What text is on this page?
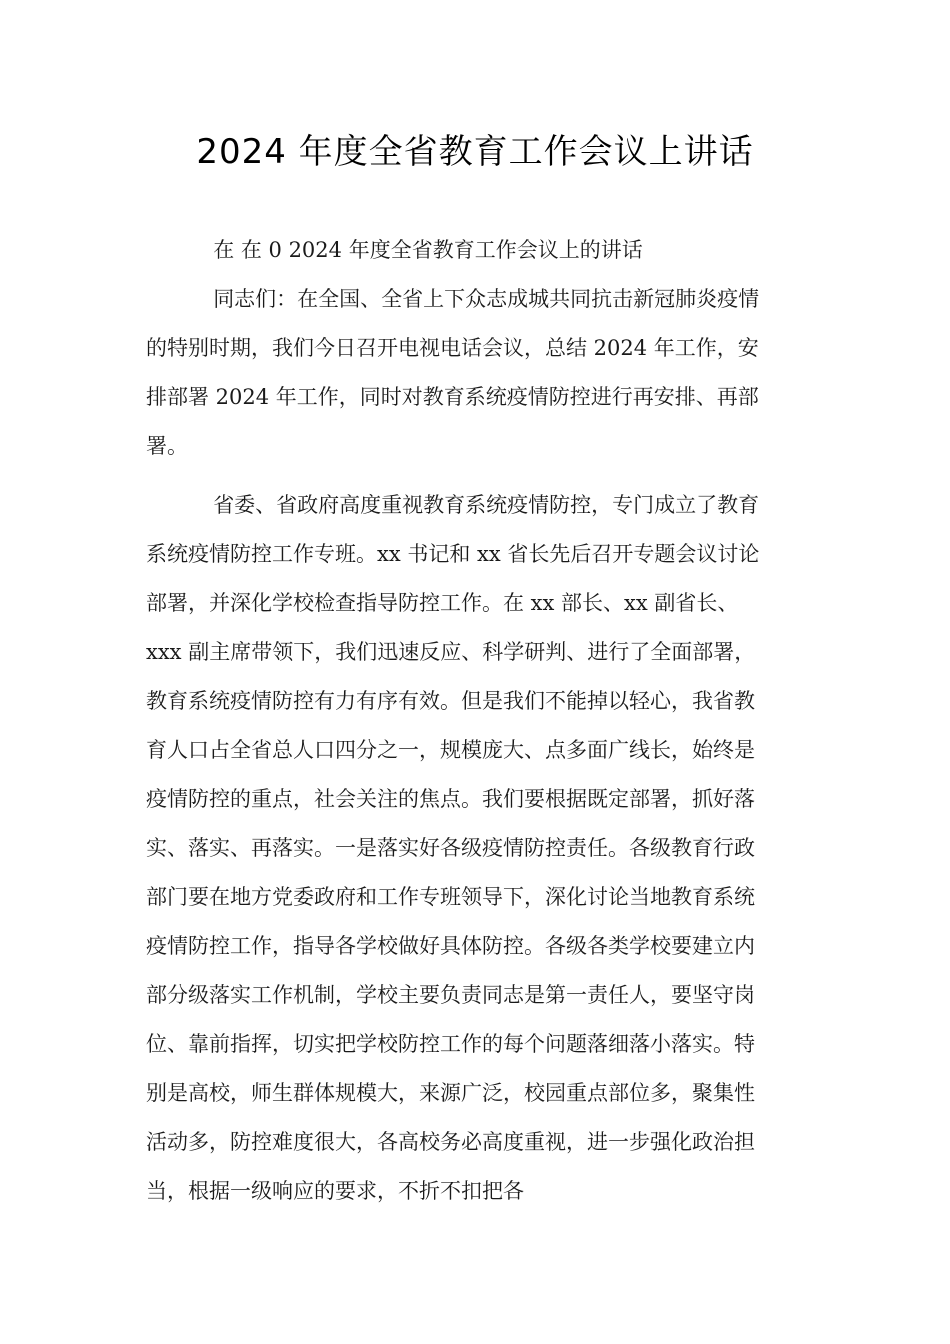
2024 年度全省教育工作会议上讲话
在 在 0 2024 年度全省教育工作会议上的讲话
同志们：在全国、全省上下众志成城共同抗击新冠肺炎疫情
的特别时期，我们今日召开电视电话会议，总结 2024 年工作，安
排部署 2024 年工作，同时对教育系统疫情防控进行再安排、再部
署。
省委、省政府高度重视教育系统疫情防控，专门成立了教育
系统疫情防控工作专班。xx 书记和 xx 省长先后召开专题会议讨论
部署，并深化学校检查指导防控工作。在 xx 部长、xx 副省长、
xxx 副主席带领下，我们迅速反应、科学研判、进行了全面部署，
教育系统疫情防控有力有序有效。但是我们不能掉以轻心，我省教
育人口占全省总人口四分之一，规模庞大、点多面广线长，始终是
疫情防控的重点，社会关注的焦点。我们要根据既定部署，抓好落
实、落实、再落实。一是落实好各级疫情防控责任。各级教育行政
部门要在地方党委政府和工作专班领导下，深化讨论当地教育系统
疫情防控工作，指导各学校做好具体防控。各级各类学校要建立内
部分级落实工作机制，学校主要负责同志是第一责任人，要坚守岗
位、靠前指挥，切实把学校防控工作的每个问题落细落小落实。特
别是高校，师生群体规模大，来源广泛，校园重点部位多，聚集性
活动多，防控难度很大，各高校务必高度重视，进一步强化政治担
当，根据一级响应的要求，不折不扣把各
